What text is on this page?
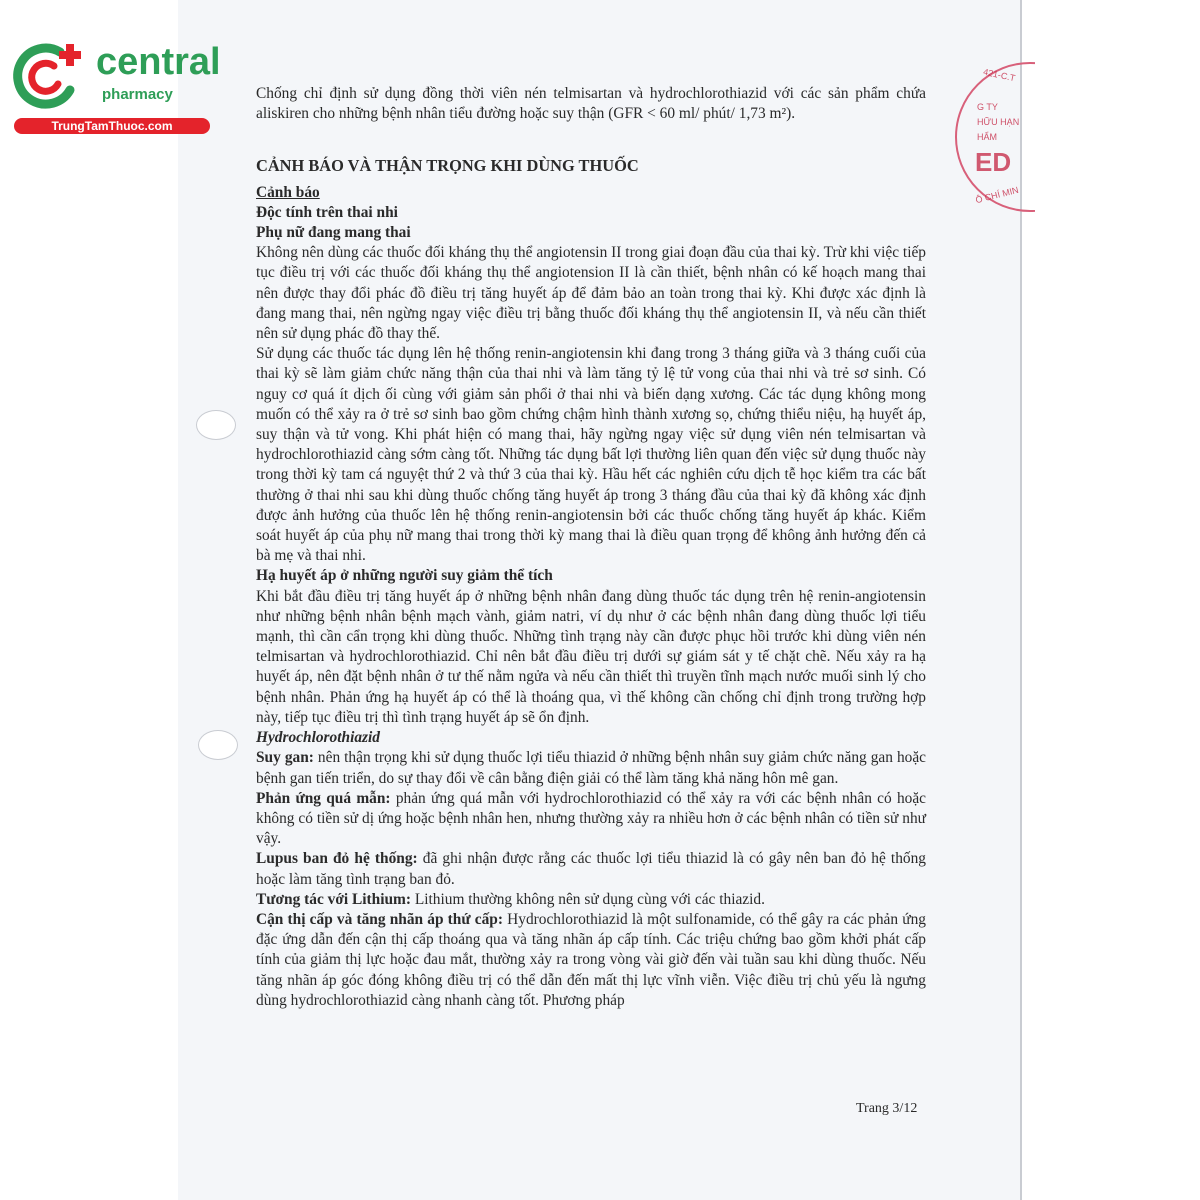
central
pharmacy
TrungTamThuoc.com
421-C.T
G TY
HỮU HẠN
HẨM
ED
Ô CHÍ MIN

Chống chỉ định sử dụng đồng thời viên nén telmisartan và hydrochlorothiazid với các sản phẩm chứa aliskiren cho những bệnh nhân tiểu đường hoặc suy thận (GFR < 60 ml/ phút/ 1,73 m²).

CẢNH BÁO VÀ THẬN TRỌNG KHI DÙNG THUỐC

Cảnh báo

Độc tính trên thai nhi

Phụ nữ đang mang thai

Không nên dùng các thuốc đối kháng thụ thể angiotensin II trong giai đoạn đầu của thai kỳ. Trừ khi việc tiếp tục điều trị với các thuốc đối kháng thụ thể angiotension II là cần thiết, bệnh nhân có kế hoạch mang thai nên được thay đổi phác đồ điều trị tăng huyết áp để đảm bảo an toàn trong thai kỳ. Khi được xác định là đang mang thai, nên ngừng ngay việc điều trị bằng thuốc đối kháng thụ thể angiotensin II, và nếu cần thiết nên sử dụng phác đồ thay thế.

Sử dụng các thuốc tác dụng lên hệ thống renin-angiotensin khi đang trong 3 tháng giữa và 3 tháng cuối của thai kỳ sẽ làm giảm chức năng thận của thai nhi và làm tăng tỷ lệ tử vong của thai nhi và trẻ sơ sinh. Có nguy cơ quá ít dịch ối cùng với giảm sản phổi ở thai nhi và biến dạng xương. Các tác dụng không mong muốn có thể xảy ra ở trẻ sơ sinh bao gồm chứng chậm hình thành xương sọ, chứng thiểu niệu, hạ huyết áp, suy thận và tử vong. Khi phát hiện có mang thai, hãy ngừng ngay việc sử dụng viên nén telmisartan và hydrochlorothiazid càng sớm càng tốt. Những tác dụng bất lợi thường liên quan đến việc sử dụng thuốc này trong thời kỳ tam cá nguyệt thứ 2 và thứ 3 của thai kỳ. Hầu hết các nghiên cứu dịch tễ học kiểm tra các bất thường ở thai nhi sau khi dùng thuốc chống tăng huyết áp trong 3 tháng đầu của thai kỳ đã không xác định được ảnh hưởng của thuốc lên hệ thống renin-angiotensin bởi các thuốc chống tăng huyết áp khác. Kiểm soát huyết áp của phụ nữ mang thai trong thời kỳ mang thai là điều quan trọng để không ảnh hưởng đến cả bà mẹ và thai nhi.

Hạ huyết áp ở những người suy giảm thể tích

Khi bắt đầu điều trị tăng huyết áp ở những bệnh nhân đang dùng thuốc tác dụng trên hệ renin-angiotensin như những bệnh nhân bệnh mạch vành, giảm natri, ví dụ như ở các bệnh nhân đang dùng thuốc lợi tiểu mạnh, thì cần cẩn trọng khi dùng thuốc. Những tình trạng này cần được phục hồi trước khi dùng viên nén telmisartan và hydrochlorothiazid. Chỉ nên bắt đầu điều trị dưới sự giám sát y tế chặt chẽ. Nếu xảy ra hạ huyết áp, nên đặt bệnh nhân ở tư thế nằm ngửa và nếu cần thiết thì truyền tĩnh mạch nước muối sinh lý cho bệnh nhân. Phản ứng hạ huyết áp có thể là thoáng qua, vì thế không cần chống chỉ định trong trường hợp này, tiếp tục điều trị thì tình trạng huyết áp sẽ ổn định.

Hydrochlorothiazid

Suy gan: nên thận trọng khi sử dụng thuốc lợi tiểu thiazid ở những bệnh nhân suy giảm chức năng gan hoặc bệnh gan tiến triển, do sự thay đổi về cân bằng điện giải có thể làm tăng khả năng hôn mê gan.

Phản ứng quá mẫn: phản ứng quá mẫn với hydrochlorothiazid có thể xảy ra với các bệnh nhân có hoặc không có tiền sử dị ứng hoặc bệnh nhân hen, nhưng thường xảy ra nhiều hơn ở các bệnh nhân có tiền sử như vậy.

Lupus ban đỏ hệ thống: đã ghi nhận được rằng các thuốc lợi tiểu thiazid là có gây nên ban đỏ hệ thống hoặc làm tăng tình trạng ban đỏ.

Tương tác với Lithium: Lithium thường không nên sử dụng cùng với các thiazid.

Cận thị cấp và tăng nhãn áp thứ cấp: Hydrochlorothiazid là một sulfonamide, có thể gây ra các phản ứng đặc ứng dẫn đến cận thị cấp thoáng qua và tăng nhãn áp cấp tính. Các triệu chứng bao gồm khởi phát cấp tính của giảm thị lực hoặc đau mắt, thường xảy ra trong vòng vài giờ đến vài tuần sau khi dùng thuốc. Nếu tăng nhãn áp góc đóng không điều trị có thể dẫn đến mất thị lực vĩnh viễn. Việc điều trị chủ yếu là ngưng dùng hydrochlorothiazid càng nhanh càng tốt. Phương pháp

Trang 3/12
